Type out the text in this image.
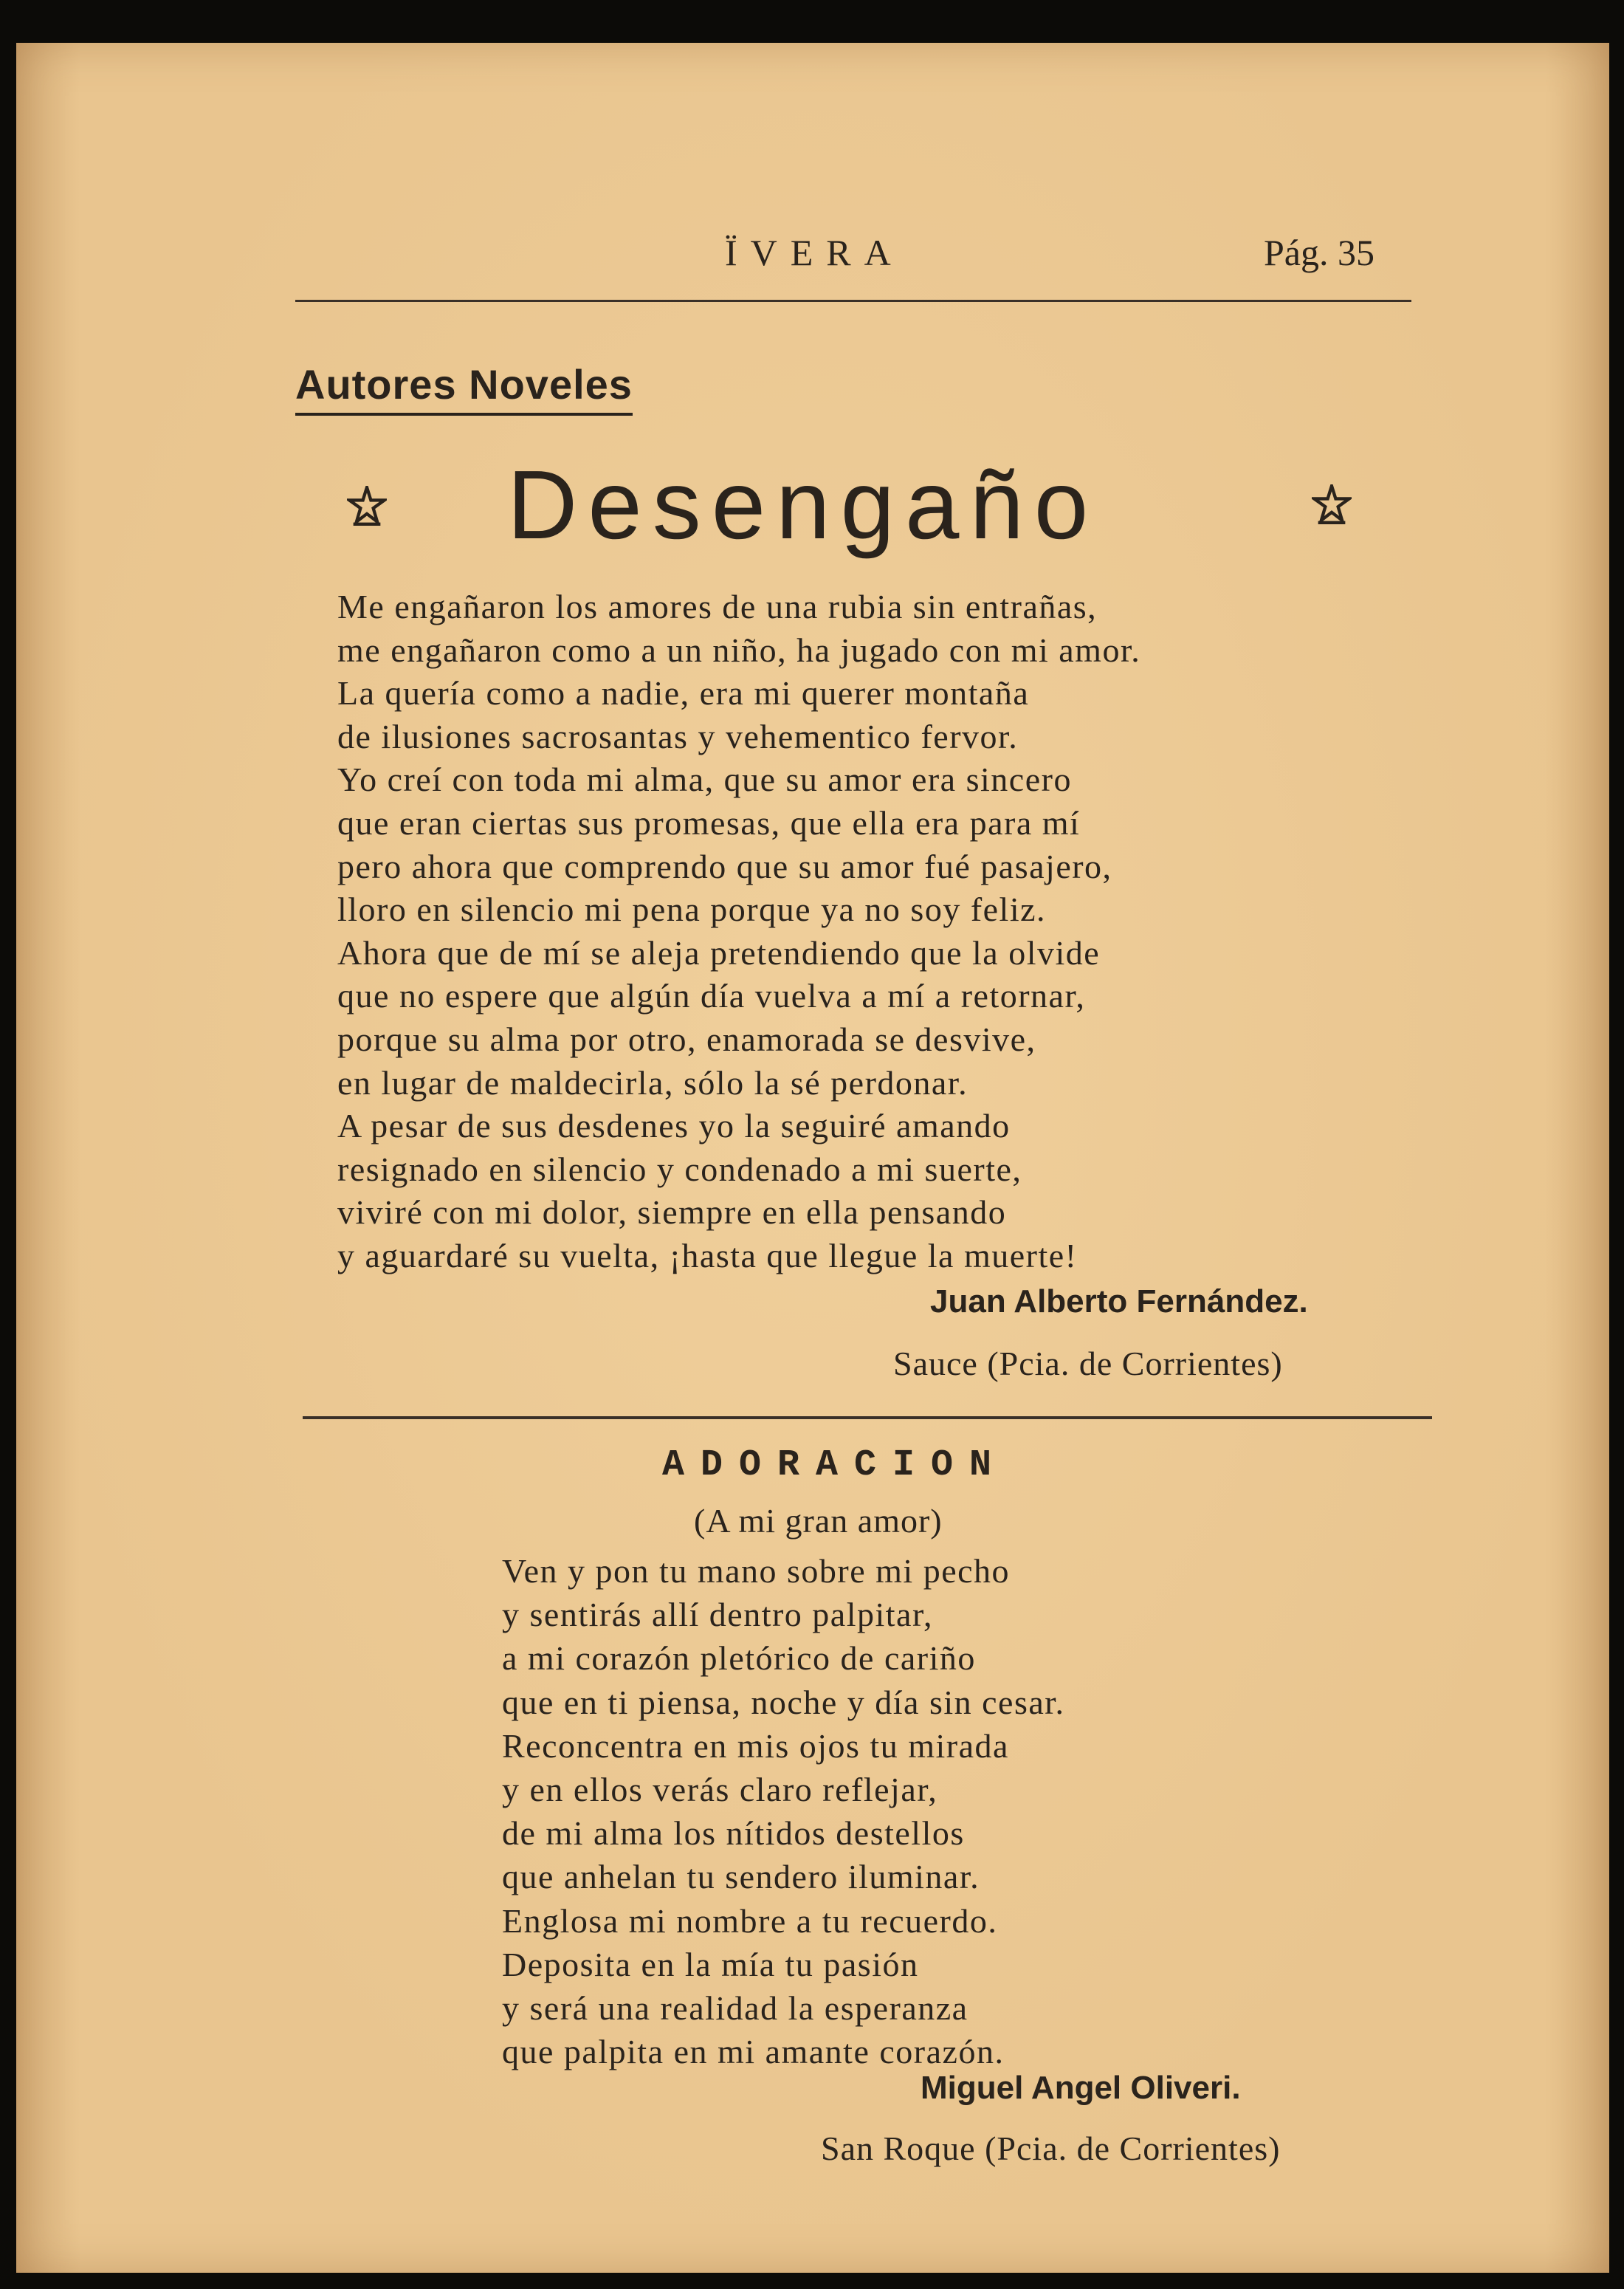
ÏVERA	Pág. 35
Autores Noveles
Desengaño
Me engañaron los amores de una rubia sin entrañas,
me engañaron como a un niño, ha jugado con mi amor.
La quería como a nadie, era mi querer montaña
de ilusiones sacrosantas y vehementico fervor.
Yo creí con toda mi alma, que su amor era sincero
que eran ciertas sus promesas, que ella era para mí
pero ahora que comprendo que su amor fué pasajero,
lloro en silencio mi pena porque ya no soy feliz.
Ahora que de mí se aleja pretendiendo que la olvide
que no espere que algún día vuelva a mí a retornar,
porque su alma por otro, enamorada se desvive,
en lugar de maldecirla, sólo la sé perdonar.
A pesar de sus desdenes yo la seguiré amando
resignado en silencio y condenado a mi suerte,
viviré con mi dolor, siempre en ella pensando
y aguardaré su vuelta, ¡hasta que llegue la muerte!
Juan Alberto Fernández.
Sauce (Pcia. de Corrientes)
ADORACION
(A mi gran amor)
Ven y pon tu mano sobre mi pecho
y sentirás allí dentro palpitar,
a mi corazón pletórico de cariño
que en ti piensa, noche y día sin cesar.
Reconcentra en mis ojos tu mirada
y en ellos verás claro reflejar,
de mi alma los nítidos destellos
que anhelan tu sendero iluminar.
Englosa mi nombre a tu recuerdo.
Deposita en la mía tu pasión
y será una realidad la esperanza
que palpita en mi amante corazón.
Miguel Angel Oliveri.
San Roque (Pcia. de Corrientes)
